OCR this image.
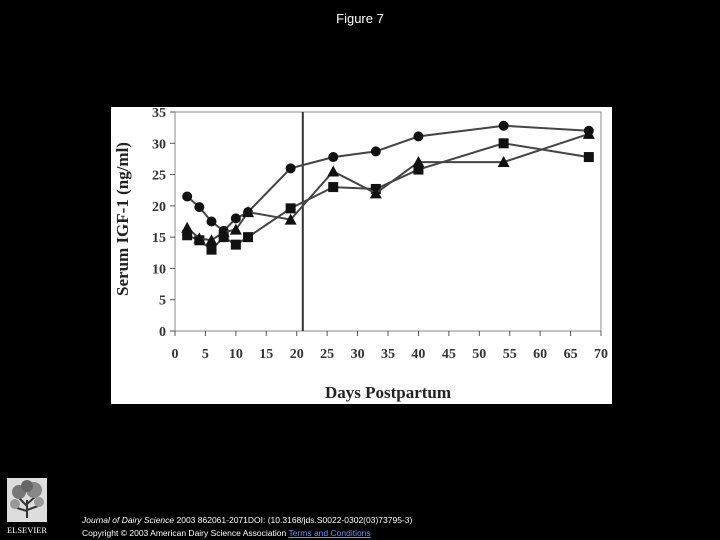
Figure 7
Serum IGF-1 (ng/ml)
Days Postpartum
0
5
10
15
20
25
30
35
0 5 10 15 20 25 30 35 40 45 50 55 60 65 70
ELSEVIER
Journal of Dairy Science 2003 862061-2071DOI: (10.3168/jds.S0022-0302(03)73795-3)
Copyright © 2003 American Dairy Science Association Terms and Conditions
